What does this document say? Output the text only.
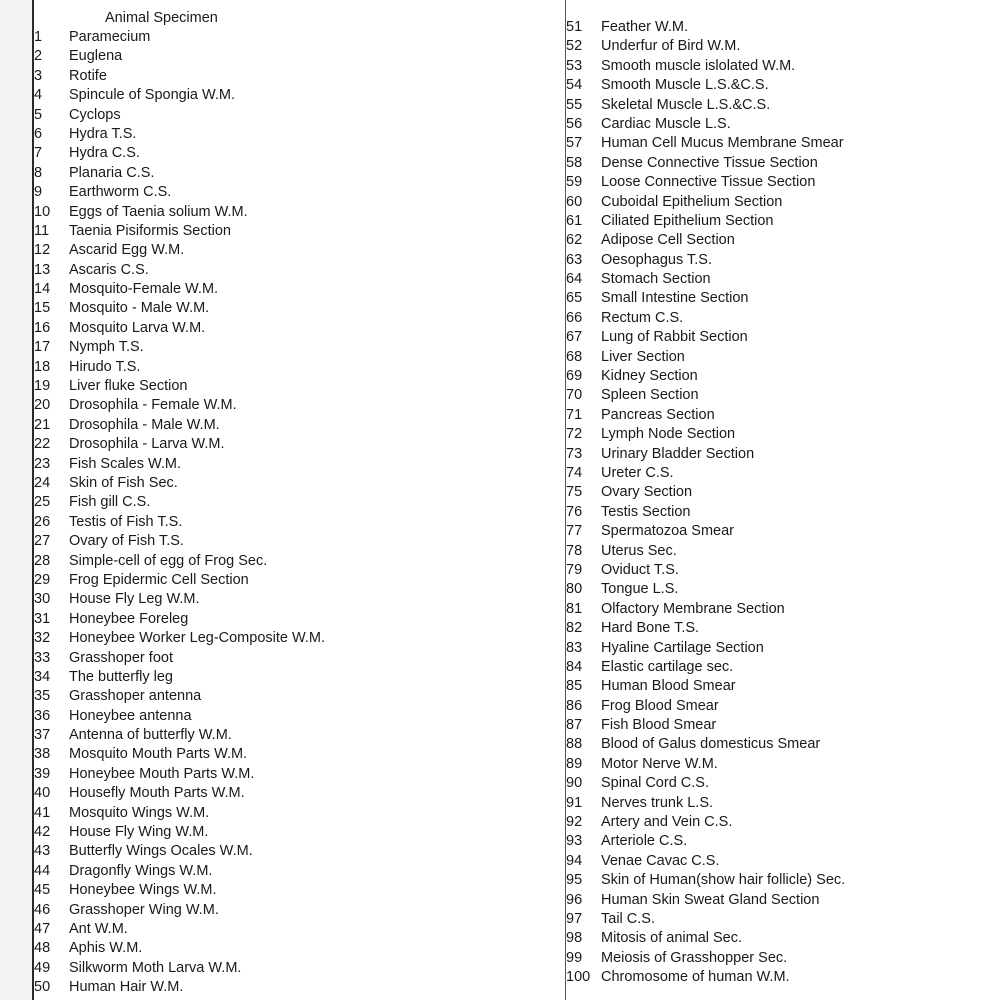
Animal Specimen
1 Paramecium
2 Euglena
3 Rotife
4 Spincule of Spongia W.M.
5 Cyclops
6 Hydra T.S.
7 Hydra C.S.
8 Planaria C.S.
9 Earthworm C.S.
10 Eggs of Taenia solium W.M.
11 Taenia Pisiformis Section
12 Ascarid Egg W.M.
13 Ascaris C.S.
14 Mosquito-Female W.M.
15 Mosquito - Male W.M.
16 Mosquito Larva W.M.
17 Nymph T.S.
18 Hirudo T.S.
19 Liver fluke Section
20 Drosophila - Female W.M.
21 Drosophila - Male W.M.
22 Drosophila - Larva W.M.
23 Fish Scales W.M.
24 Skin of Fish Sec.
25 Fish gill C.S.
26 Testis of Fish T.S.
27 Ovary of Fish T.S.
28 Simple-cell of egg of Frog Sec.
29 Frog Epidermic Cell Section
30 House Fly Leg W.M.
31 Honeybee Foreleg
32 Honeybee Worker Leg-Composite W.M.
33 Grasshoper foot
34 The butterfly leg
35 Grasshoper antenna
36 Honeybee antenna
37 Antenna of butterfly W.M.
38 Mosquito Mouth Parts W.M.
39 Honeybee Mouth Parts W.M.
40 Housefly Mouth Parts W.M.
41 Mosquito Wings W.M.
42 House Fly Wing W.M.
43 Butterfly Wings Ocales W.M.
44 Dragonfly Wings W.M.
45 Honeybee Wings W.M.
46 Grasshoper Wing W.M.
47 Ant W.M.
48 Aphis W.M.
49 Silkworm Moth Larva W.M.
50 Human Hair W.M.
51 Feather W.M.
52 Underfur of Bird W.M.
53 Smooth muscle islolated W.M.
54 Smooth Muscle L.S.&C.S.
55 Skeletal Muscle L.S.&C.S.
56 Cardiac Muscle L.S.
57 Human Cell Mucus Membrane Smear
58 Dense Connective Tissue Section
59 Loose Connective Tissue Section
60 Cuboidal Epithelium Section
61 Ciliated Epithelium Section
62 Adipose Cell Section
63 Oesophagus T.S.
64 Stomach Section
65 Small Intestine Section
66 Rectum C.S.
67 Lung of Rabbit Section
68 Liver Section
69 Kidney Section
70 Spleen Section
71 Pancreas Section
72 Lymph Node Section
73 Urinary Bladder Section
74 Ureter C.S.
75 Ovary Section
76 Testis Section
77 Spermatozoa Smear
78 Uterus Sec.
79 Oviduct T.S.
80 Tongue L.S.
81 Olfactory Membrane Section
82 Hard Bone T.S.
83 Hyaline Cartilage Section
84 Elastic cartilage sec.
85 Human Blood Smear
86 Frog Blood Smear
87 Fish Blood Smear
88 Blood of Galus domesticus Smear
89 Motor Nerve W.M.
90 Spinal Cord C.S.
91 Nerves trunk L.S.
92 Artery and Vein C.S.
93 Arteriole C.S.
94 Venae Cavac C.S.
95 Skin of Human(show hair follicle) Sec.
96 Human Skin Sweat Gland Section
97 Tail C.S.
98 Mitosis of animal Sec.
99 Meiosis of Grasshopper Sec.
100 Chromosome of human W.M.
